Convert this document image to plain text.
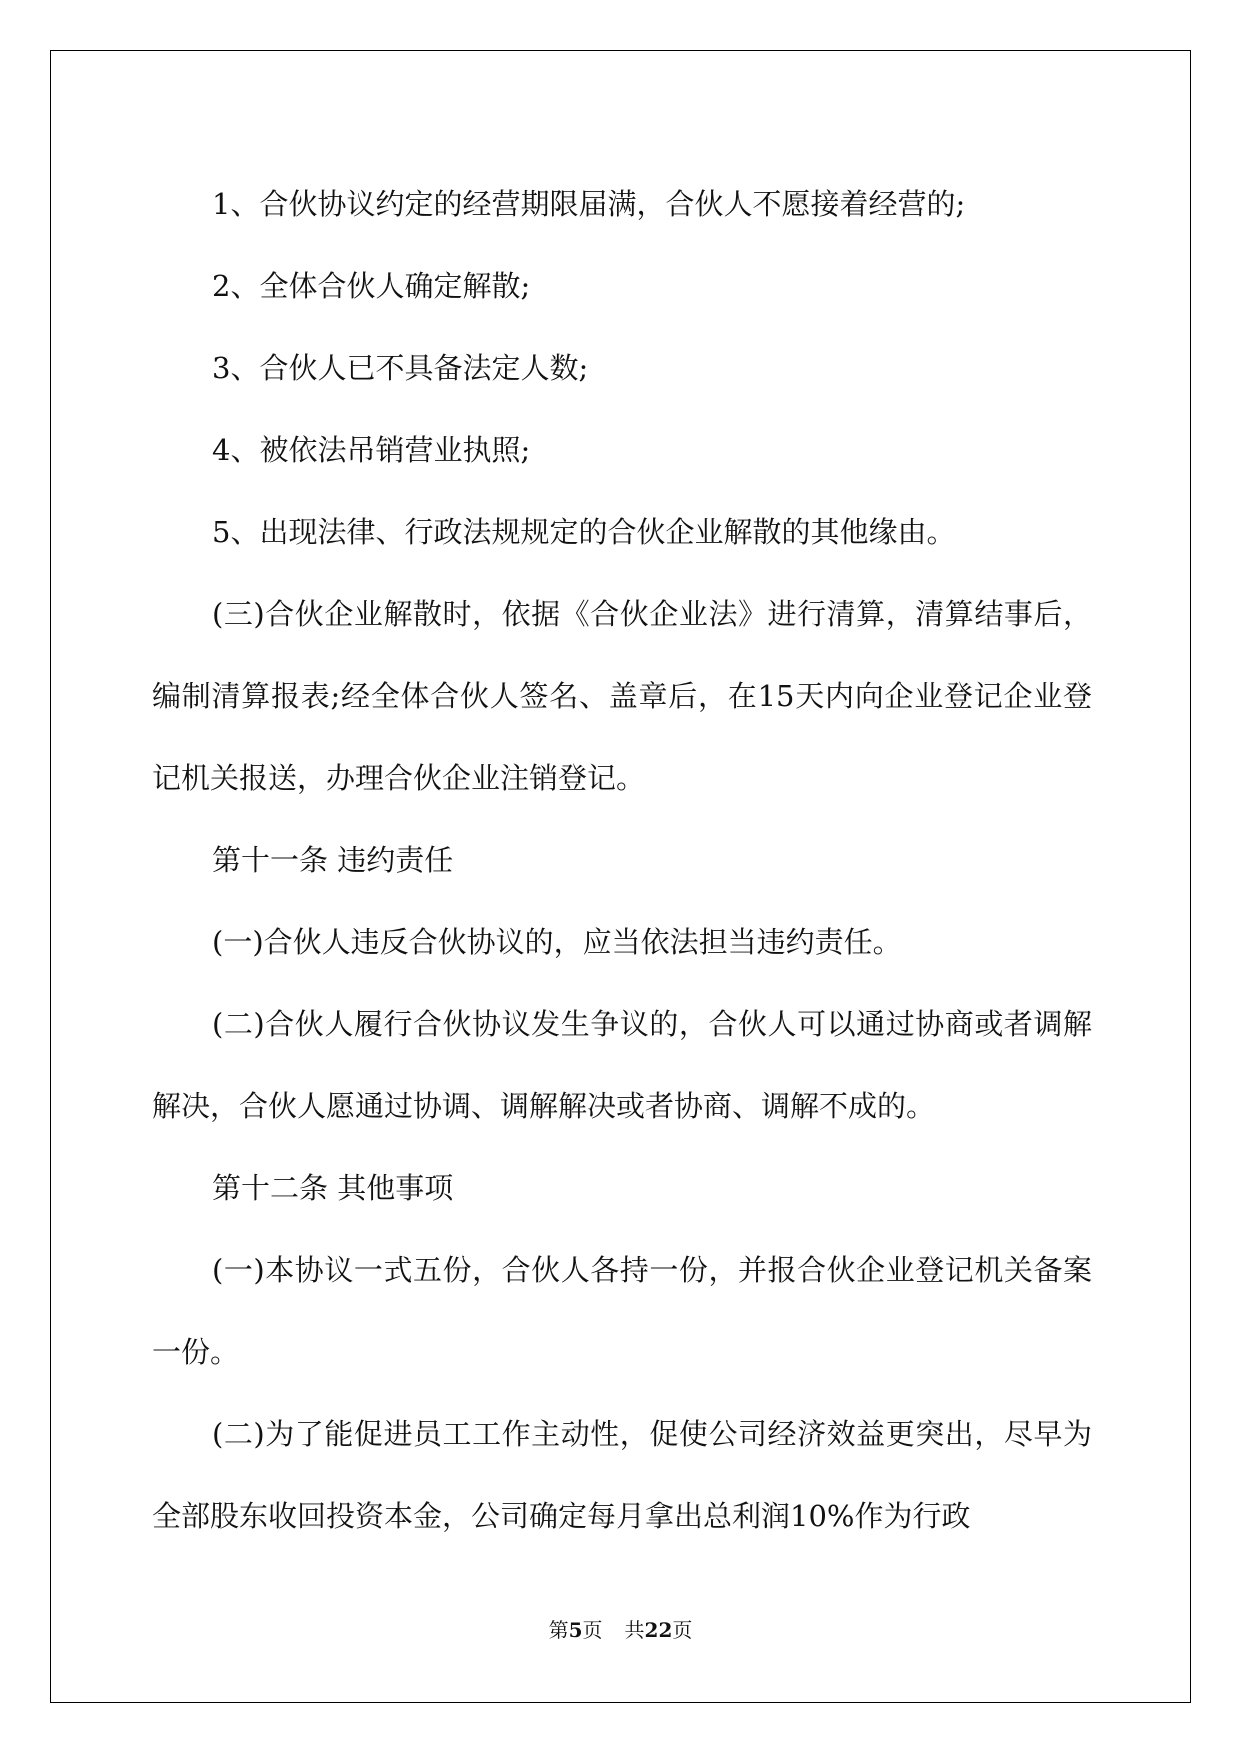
1、合伙协议约定的经营期限届满，合伙人不愿接着经营的;

2、全体合伙人确定解散;

3、合伙人已不具备法定人数;

4、被依法吊销营业执照;

5、出现法律、行政法规规定的合伙企业解散的其他缘由。

(三)合伙企业解散时，依据《合伙企业法》进行清算，清算结事后，编制清算报表;经全体合伙人签名、盖章后，在15天内向企业登记企业登记机关报送，办理合伙企业注销登记。

第十一条 违约责任

(一)合伙人违反合伙协议的，应当依法担当违约责任。

(二)合伙人履行合伙协议发生争议的，合伙人可以通过协商或者调解解决，合伙人愿通过协调、调解解决或者协商、调解不成的。

第十二条 其他事项

(一)本协议一式五份，合伙人各持一份，并报合伙企业登记机关备案一份。

(二)为了能促进员工工作主动性，促使公司经济效益更突出，尽早为全部股东收回投资本金，公司确定每月拿出总利润10%作为行政

第5页 共22页
